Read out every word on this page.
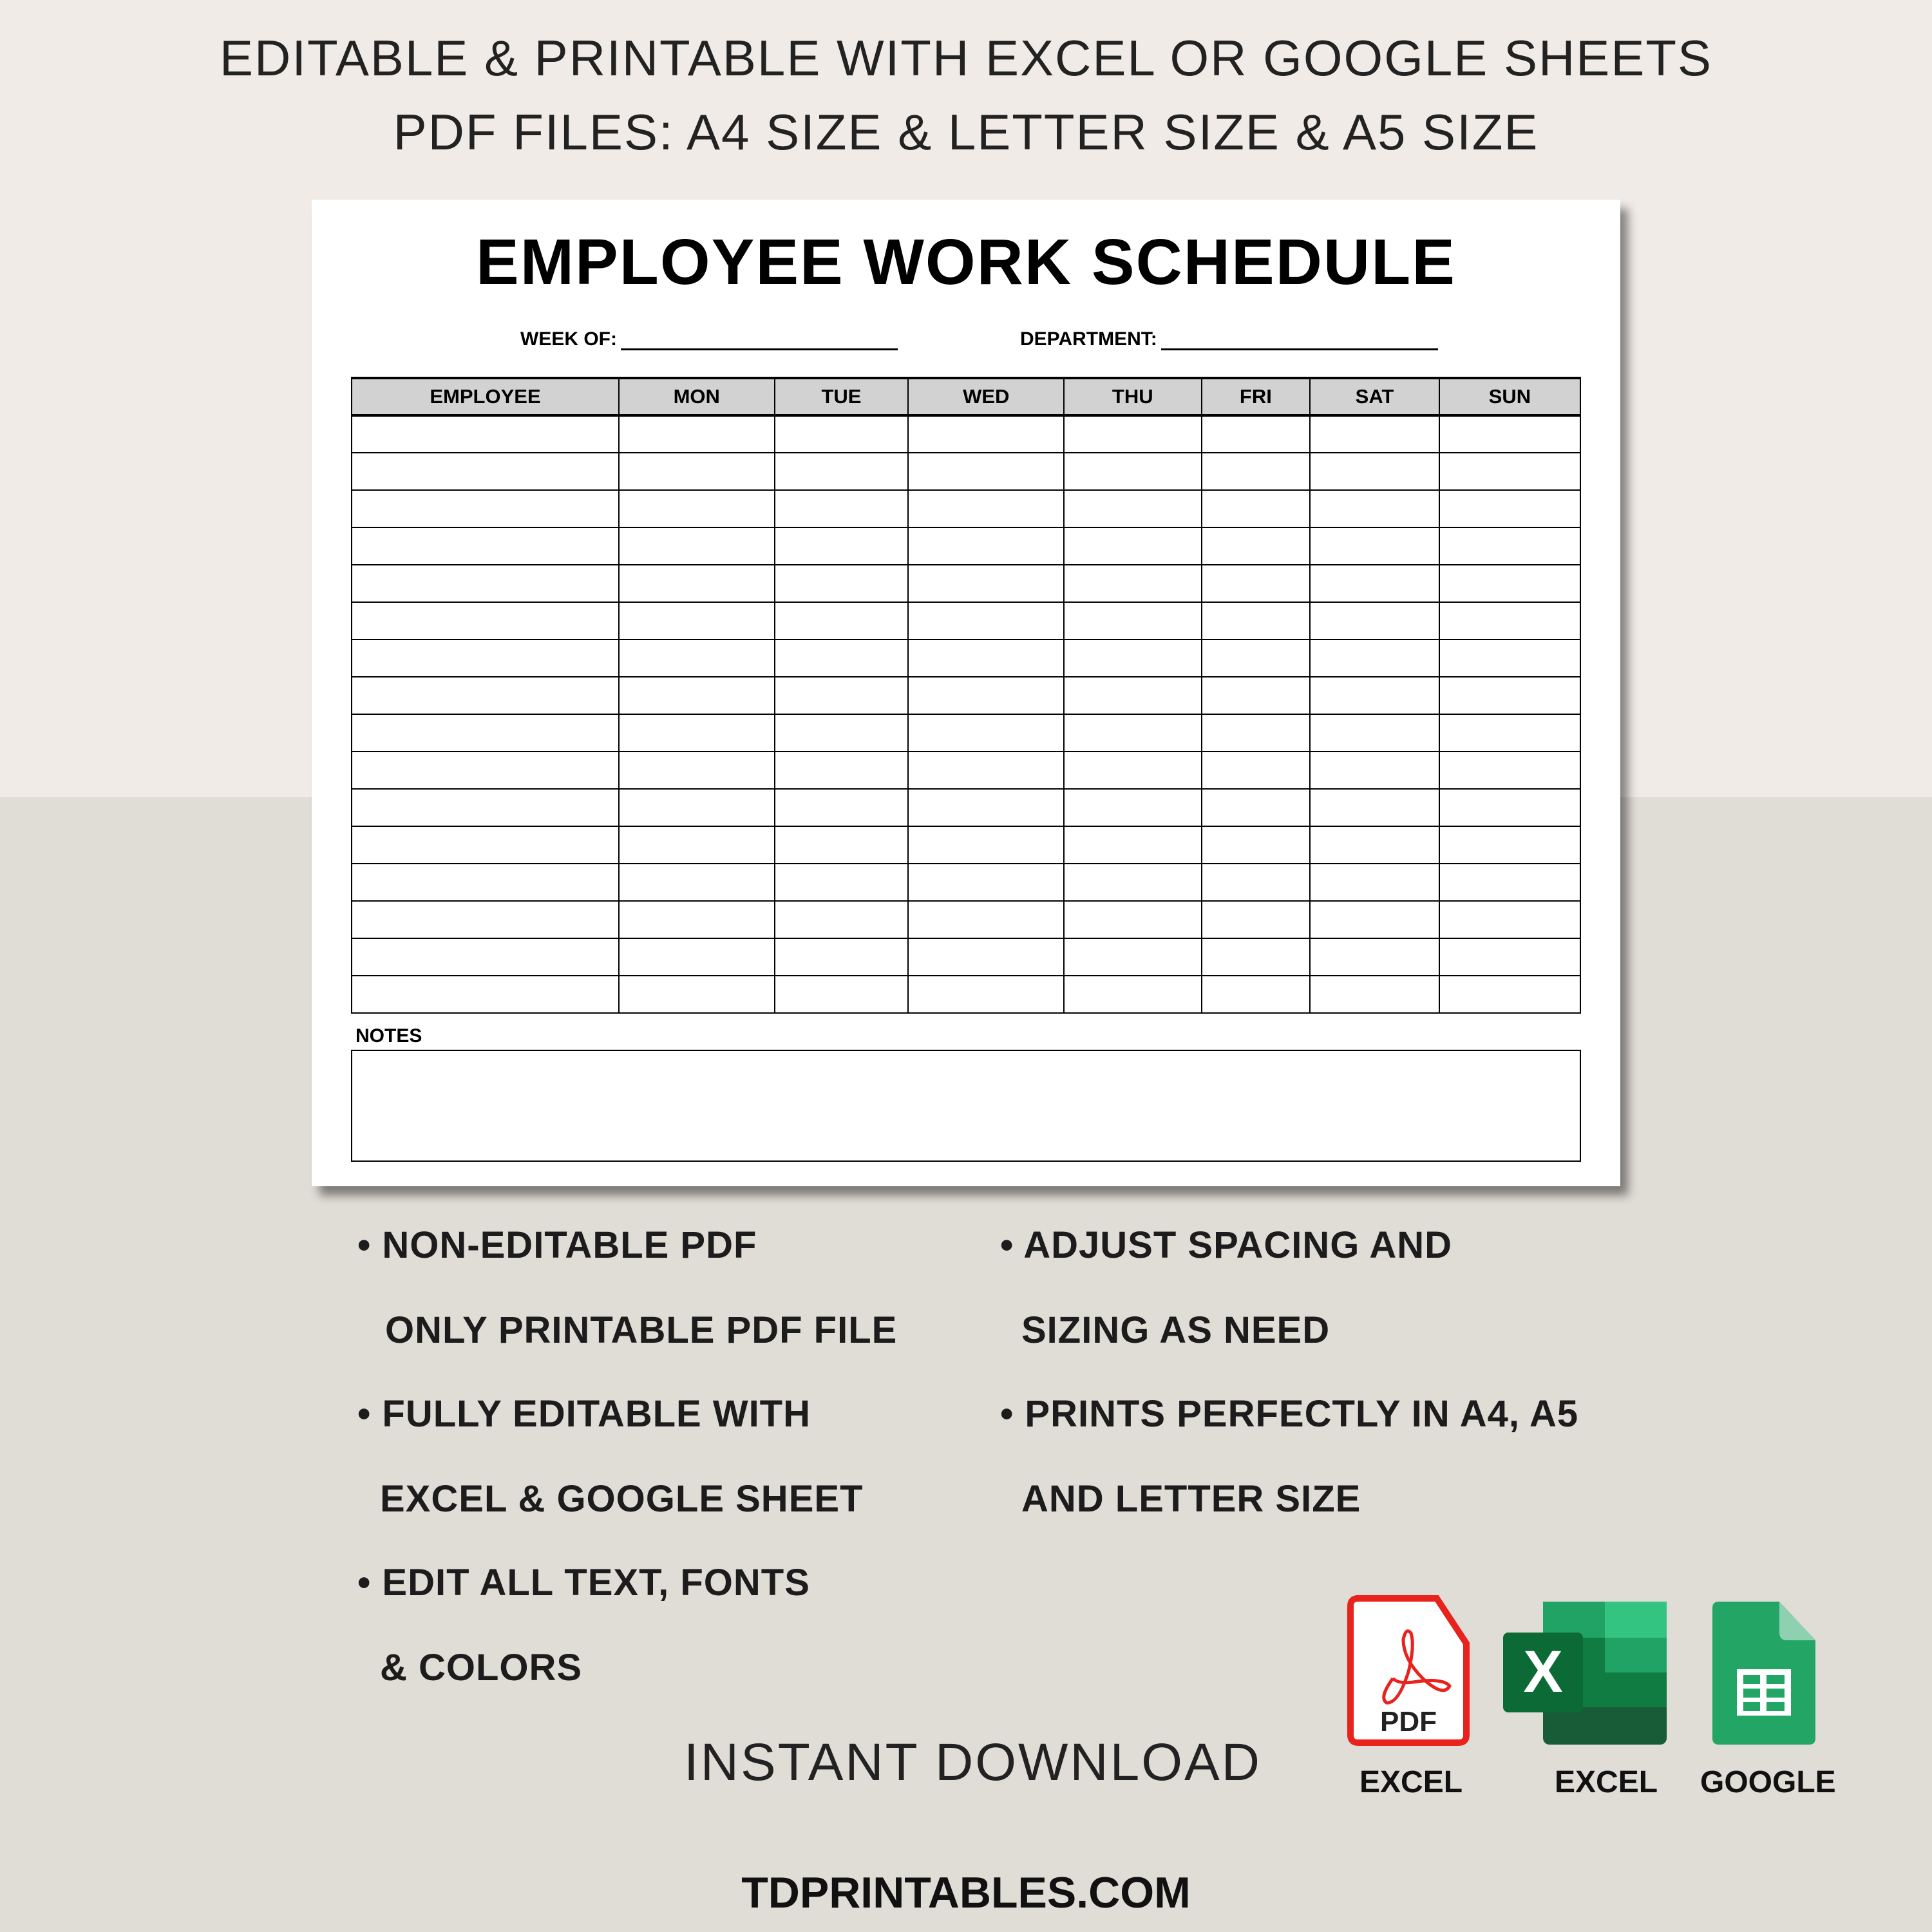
EDITABLE & PRINTABLE WITH EXCEL OR GOOGLE SHEETS
PDF FILES: A4 SIZE & LETTER SIZE & A5 SIZE
EMPLOYEE WORK SCHEDULE
WEEK OF:	DEPARTMENT:
EMPLOYEE	MON	TUE	WED	THU	FRI	SAT	SUN

NOTES
• NON-EDITABLE PDF
ONLY PRINTABLE PDF FILE
• FULLY EDITABLE WITH
EXCEL & GOOGLE SHEET
• EDIT ALL TEXT, FONTS
& COLORS
• ADJUST SPACING AND
SIZING AS NEED
• PRINTS PERFECTLY IN A4, A5
AND LETTER SIZE
INSTANT DOWNLOAD
PDF
X
EXCEL	EXCEL GOOGLE
TDPRINTABLES.COM
